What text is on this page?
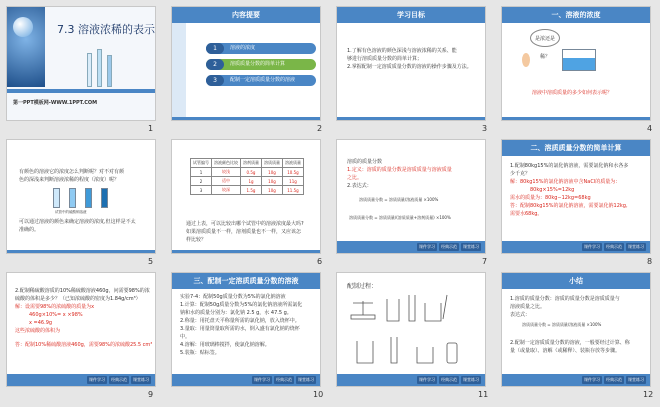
7.3 溶液浓稀的表示
第一PPT模板网-WWW.1PPT.COM
1
内容提要
1	溶液的浓度
2	溶质质量分数的简单计算
3	配制一定溶质质量分数的溶液
2
学习目标
1.了解有色溶液的颜色深浅与溶液浓稀的关系、能
够进行溶质质量分数的简单计算；
2.掌握配制一定溶质质量分数的溶液的操作步骤及方法。
3
一、溶液的浓度
是浓还是稀？
溶液中溶质质量的多少如何表示呢？
4
有颜色的溶液它的浓度怎么判断呢？对不对有颜
色的深浅来判断溶液浓稀的程度（浓度）呢？
试管中的硫酸铜溶液
可以通过溶液的颜色来确定溶液的浓度,但这样是不太
准确的。
5
试管编号	溶液颜色比较	溶剂质量	溶质质量	溶液质量
1	较浅	0.5g	10g	10.5g
2	适中	1g	10g	11g
3	较深	1.5g	10g	11.5g
通过上表，可以比较出哪个试管中的溶液浓度最大吗?
如果溶质质量不一样，溶剂质量也不一样，又应该怎
样比较？
6
溶质的质量分数
1.定义：溶质的质量分数是溶质质量与溶液质量
之比。
2.表达式：
溶质质量分数 = 溶质质量/溶液质量 ×100%
溶质质量分数 = 溶质质量/(溶质质量+溶剂质量) ×100%
课件学习	经典示范	课堂练习
7
二、溶质质量分数的简单计算
1.配制80kg15%的氯化钠溶液，需要氯化钠和水各多
少千克？
解：80kg15%的氯化钠溶液中含NaCl的质量为：
80kg×15%=12kg
需水的质量为：80kg−12kg=68kg
答：配制80kg15%的氯化钠溶液，需要氯化钠12kg,
需要水68kg。
课件学习	经典示范	课堂练习
8
2.配制稀硫酸溶质的10%稀硫酸溶液460g，问需要98%的浓
硫酸的体积是多少？（已知浓硫酸的密度为1.84g/cm³）
解：设需要98%的浓硫酸的质量为x
460g×10%= x ×98%
x =46.9g
这些浓硫酸的体积为
答：配制10%稀硫酸溶液460g，需要98%的浓硫酸25.5 cm³
课件学习	经典示范	课堂练习
9
三、配制一定溶质质量分数的溶液
实验7-4：配制50g质量分数为5%的氯化钠溶液
1.计算：配制50g质量分数为5%的氯化钠溶液所需氯化
钠和水的质量分别为：氯化钠 2.5 g，水 47.5 g。
2.称量：用托盘天平称量所需的氯化钠，放入烧杯中。
3.量取：用量筒量取所需的水，倒入盛有氯化钠的烧杯
中。
4.溶解：用玻璃棒搅拌，使氯化钠溶解。
5.装瓶：贴标签。
课件学习	经典示范	课堂练习
10
配制过程：
课件学习	经典示范	课堂练习
11
小结
1.溶质的质量分数：溶质的质量分数是溶质质量与
溶液质量之比。
表达式：
溶质质量分数 = 溶质质量/溶液质量 ×100%
2.配制一定溶质质量分数的溶液，一般要经过计算、称
量（或量取）、溶解（或稀释）、装瓶存放等步骤。
课件学习	经典示范	课堂练习
12
